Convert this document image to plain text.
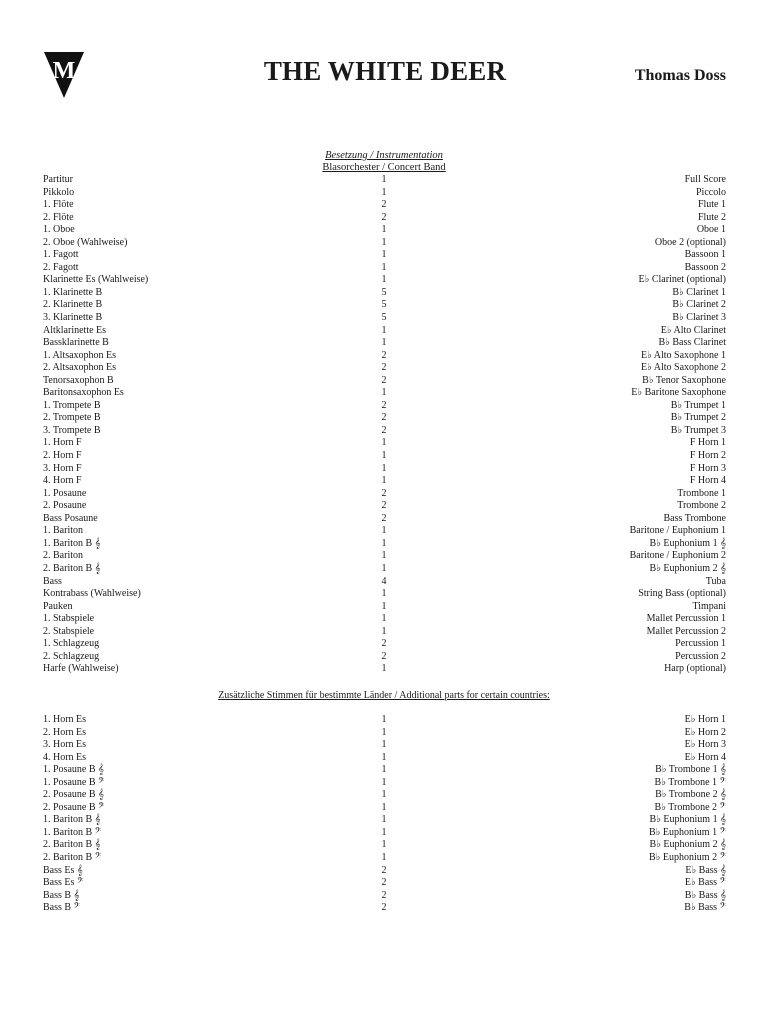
M	THE WHITE DEER	Thomas Doss
Besetzung / Instrumentation
Blasorchester / Concert Band
Partitur	1	Full Score
Pikkolo	1	Piccolo
1. Flöte	2	Flute 1
2. Flöte	2	Flute 2
1. Oboe	1	Oboe 1
2. Oboe (Wahlweise)	1	Oboe 2 (optional)
1. Fagott	1	Bassoon 1
2. Fagott	1	Bassoon 2
Klarinette Es (Wahlweise)	1	E♭ Clarinet (optional)
1. Klarinette B	5	B♭ Clarinet 1
2. Klarinette B	5	B♭ Clarinet 2
3. Klarinette B	5	B♭ Clarinet 3
Altklarinette Es	1	E♭ Alto Clarinet
Bassklarinette B	1	B♭ Bass Clarinet
1. Altsaxophon Es	2	E♭ Alto Saxophone 1
2. Altsaxophon Es	2	E♭ Alto Saxophone 2
Tenorsaxophon B	2	B♭ Tenor Saxophone
Baritonsaxophon Es	1	E♭ Baritone Saxophone
1. Trompete B	2	B♭ Trumpet 1
2. Trompete B	2	B♭ Trumpet 2
3. Trompete B	2	B♭ Trumpet 3
1. Horn F	1	F Horn 1
2. Horn F	1	F Horn 2
3. Horn F	1	F Horn 3
4. Horn F	1	F Horn 4
1. Posaune	2	Trombone 1
2. Posaune	2	Trombone 2
Bass Posaune	2	Bass Trombone
1. Bariton	1	Baritone / Euphonium 1
1. Bariton B 𝄞	1	B♭ Euphonium 1 𝄞
2. Bariton	1	Baritone / Euphonium 2
2. Bariton B 𝄞	1	B♭ Euphonium 2 𝄞
Bass	4	Tuba
Kontrabass (Wahlweise)	1	String Bass (optional)
Pauken	1	Timpani
1. Stabspiele	1	Mallet Percussion 1
2. Stabspiele	1	Mallet Percussion 2
1. Schlagzeug	2	Percussion 1
2. Schlagzeug	2	Percussion 2
Harfe (Wahlweise)	1	Harp (optional)
Zusätzliche Stimmen für bestimmte Länder / Additional parts for certain countries:
1. Horn Es	1	E♭ Horn 1
2. Horn Es	1	E♭ Horn 2
3. Horn Es	1	E♭ Horn 3
4. Horn Es	1	E♭ Horn 4
1. Posaune B 𝄞	1	B♭ Trombone 1 𝄞
1. Posaune B 𝄢	1	B♭ Trombone 1 𝄢
2. Posaune B 𝄞	1	B♭ Trombone 2 𝄞
2. Posaune B 𝄢	1	B♭ Trombone 2 𝄢
1. Bariton B 𝄞	1	B♭ Euphonium 1 𝄞
1. Bariton B 𝄢	1	B♭ Euphonium 1 𝄢
2. Bariton B 𝄞	1	B♭ Euphonium 2 𝄞
2. Bariton B 𝄢	1	B♭ Euphonium 2 𝄢
Bass Es 𝄞	2	E♭ Bass 𝄞
Bass Es 𝄢	2	E♭ Bass 𝄢
Bass B 𝄞	2	B♭ Bass 𝄞
Bass B 𝄢	2	B♭ Bass 𝄢
